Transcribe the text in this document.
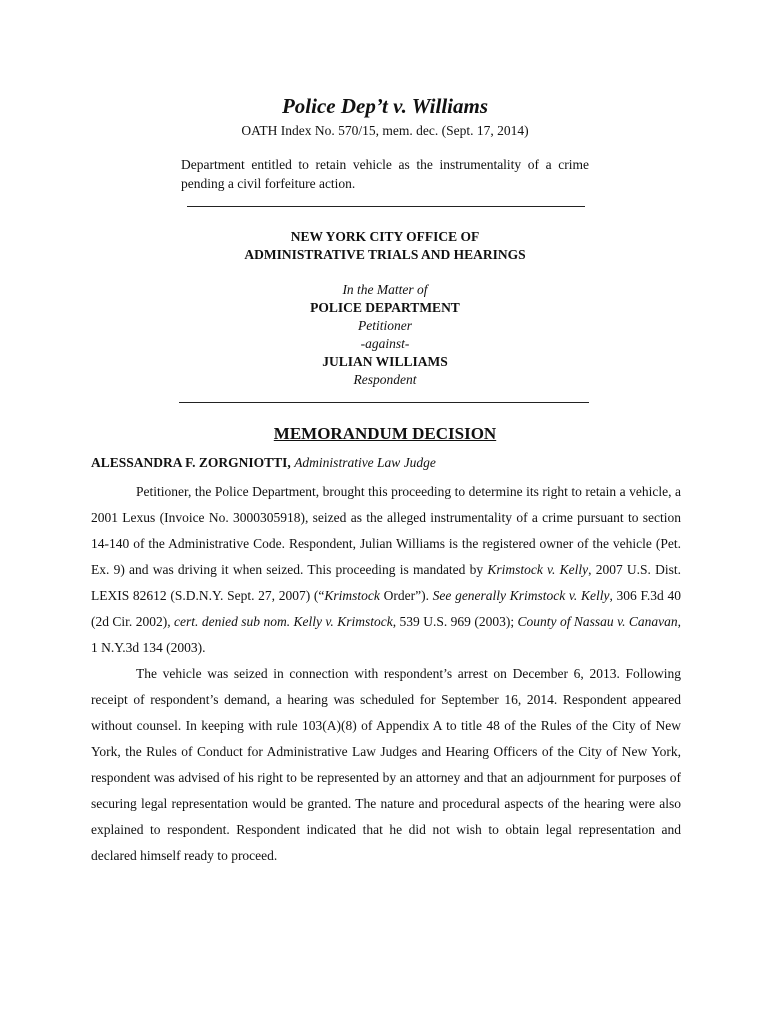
Police Dep’t v. Williams
OATH Index No. 570/15, mem. dec. (Sept. 17, 2014)
Department entitled to retain vehicle as the instrumentality of a crime pending a civil forfeiture action.
NEW YORK CITY OFFICE OF
ADMINISTRATIVE TRIALS AND HEARINGS
In the Matter of
POLICE DEPARTMENT
Petitioner
-against-
JULIAN WILLIAMS
Respondent
MEMORANDUM DECISION
ALESSANDRA F. ZORGNIOTTI, Administrative Law Judge

Petitioner, the Police Department, brought this proceeding to determine its right to retain a vehicle, a 2001 Lexus (Invoice No. 3000305918), seized as the alleged instrumentality of a crime pursuant to section 14-140 of the Administrative Code. Respondent, Julian Williams is the registered owner of the vehicle (Pet. Ex. 9) and was driving it when seized. This proceeding is mandated by Krimstock v. Kelly, 2007 U.S. Dist. LEXIS 82612 (S.D.N.Y. Sept. 27, 2007) (“Krimstock Order”). See generally Krimstock v. Kelly, 306 F.3d 40 (2d Cir. 2002), cert. denied sub nom. Kelly v. Krimstock, 539 U.S. 969 (2003); County of Nassau v. Canavan, 1 N.Y.3d 134 (2003).

The vehicle was seized in connection with respondent’s arrest on December 6, 2013. Following receipt of respondent’s demand, a hearing was scheduled for September 16, 2014. Respondent appeared without counsel. In keeping with rule 103(A)(8) of Appendix A to title 48 of the Rules of the City of New York, the Rules of Conduct for Administrative Law Judges and Hearing Officers of the City of New York, respondent was advised of his right to be represented by an attorney and that an adjournment for purposes of securing legal representation would be granted. The nature and procedural aspects of the hearing were also explained to respondent. Respondent indicated that he did not wish to obtain legal representation and declared himself ready to proceed.
